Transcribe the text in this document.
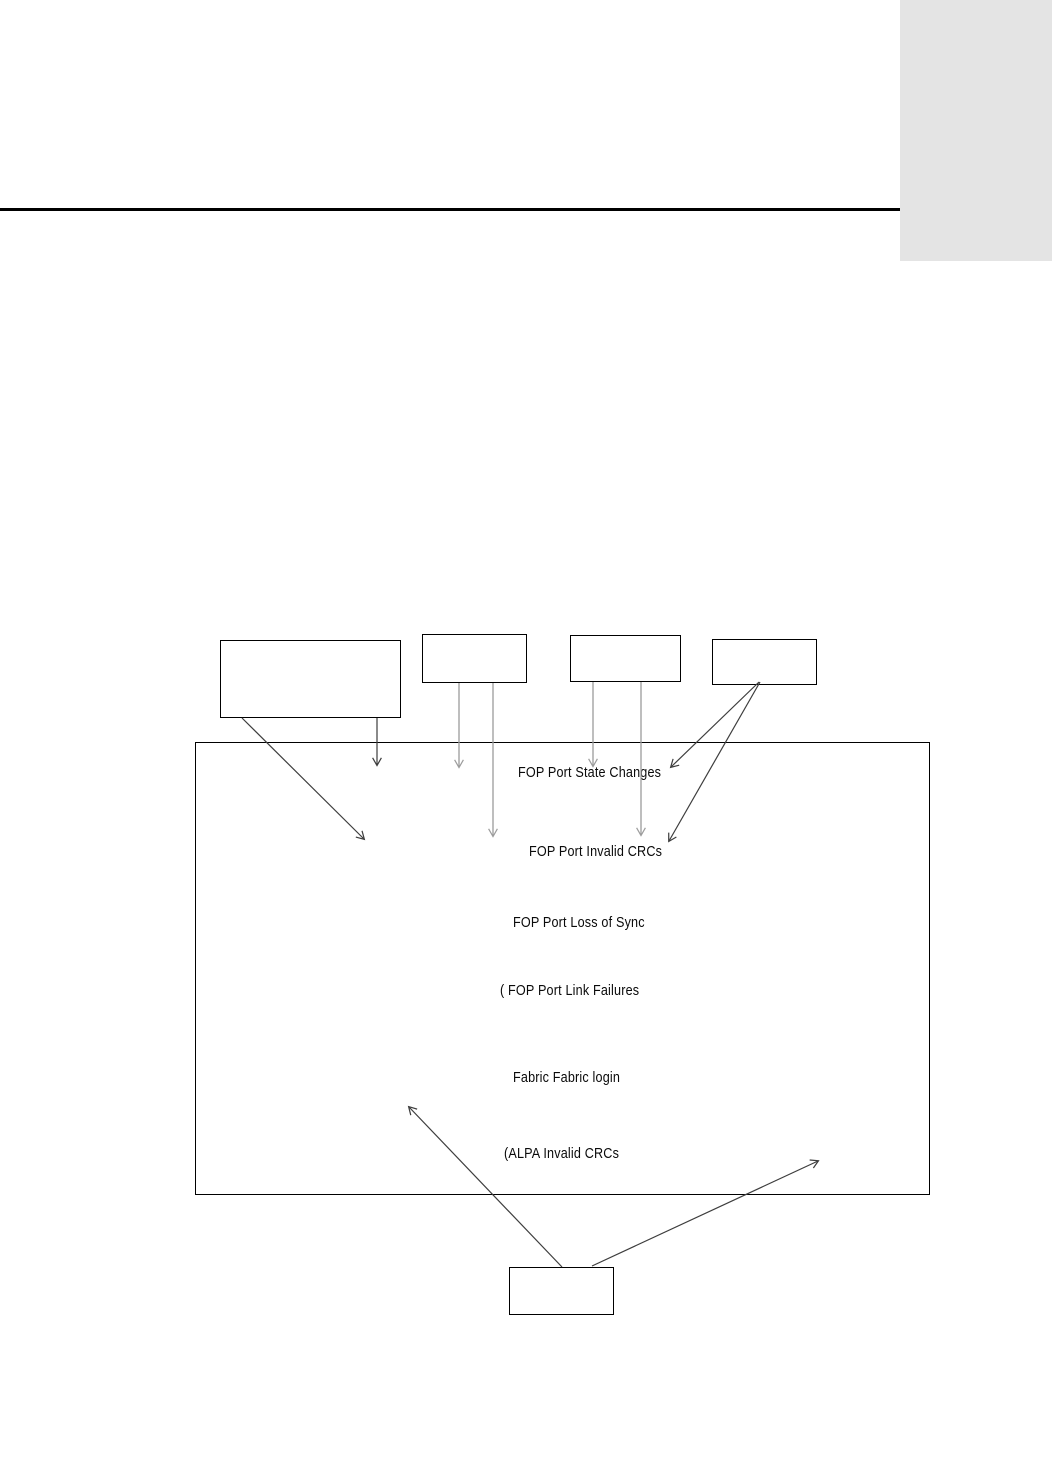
FOP Port State Changes
FOP Port Invalid CRCs
FOP Port Loss of Sync
( FOP Port Link Failures
Fabric Fabric login
(ALPA Invalid CRCs
